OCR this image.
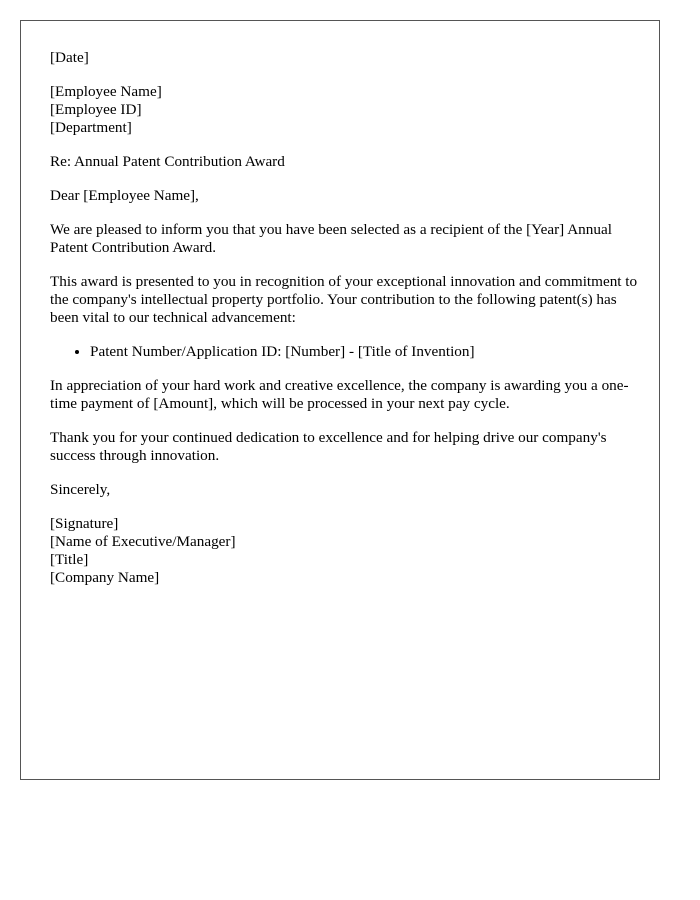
[Date]

[Employee Name]
[Employee ID]
[Department]

Re: Annual Patent Contribution Award

Dear [Employee Name],

We are pleased to inform you that you have been selected as a recipient of the [Year] Annual Patent Contribution Award.

This award is presented to you in recognition of your exceptional innovation and commitment to the company's intellectual property portfolio. Your contribution to the following patent(s) has been vital to our technical advancement:

• Patent Number/Application ID: [Number] - [Title of Invention]

In appreciation of your hard work and creative excellence, the company is awarding you a one-time payment of [Amount], which will be processed in your next pay cycle.

Thank you for your continued dedication to excellence and for helping drive our company's success through innovation.

Sincerely,

[Signature]
[Name of Executive/Manager]
[Title]
[Company Name]
